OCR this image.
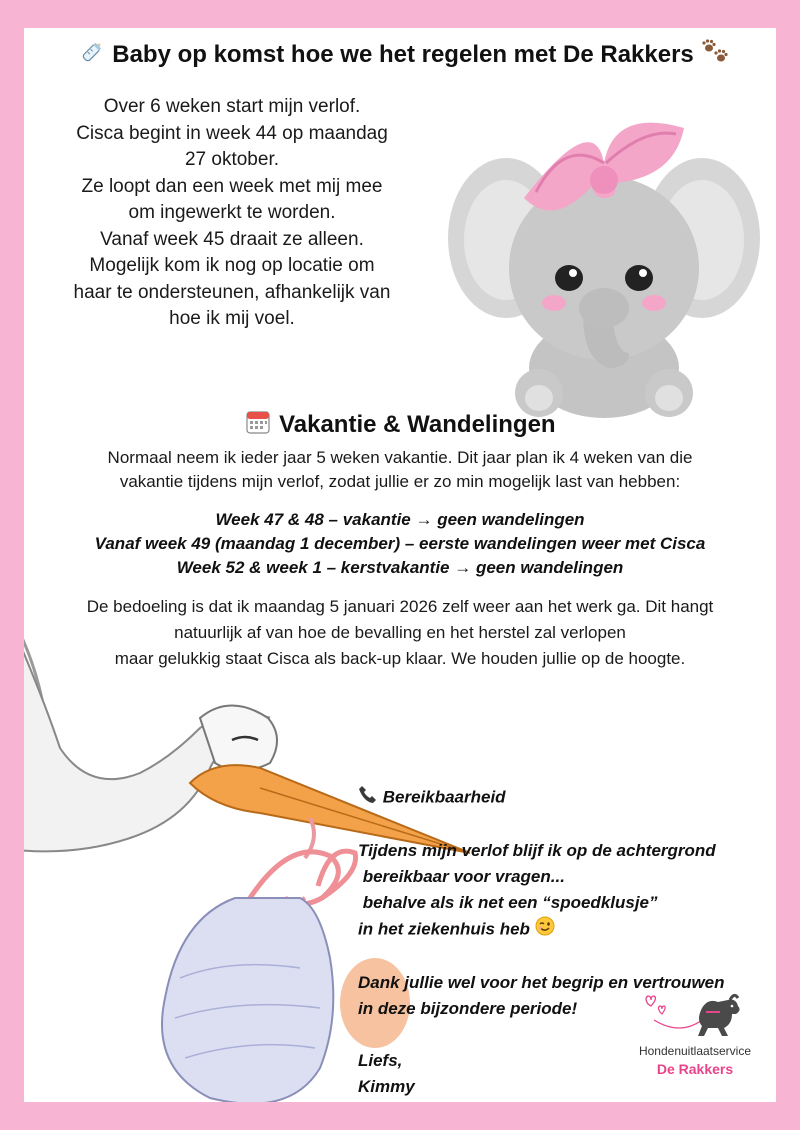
Baby op komst hoe we het regelen met De Rakkers
Over 6 weken start mijn verlof.
Cisca begint in week 44 op maandag
27 oktober.
Ze loopt dan een week met mij mee
om ingewerkt te worden.
Vanaf week 45 draait ze alleen.
Mogelijk kom ik nog op locatie om
haar te ondersteunen, afhankelijk van
hoe ik mij voel.
Vakantie & Wandelingen
Normaal neem ik ieder jaar 5 weken vakantie. Dit jaar plan ik 4 weken van die
vakantie tijdens mijn verlof, zodat jullie er zo min mogelijk last van hebben:
Week 47 & 48 – vakantie → geen wandelingen
Vanaf week 49 (maandag 1 december) – eerste wandelingen weer met Cisca
Week 52 & week 1 – kerstvakantie → geen wandelingen
De bedoeling is dat ik maandag 5 januari 2026 zelf weer aan het werk ga. Dit hangt
natuurlijk af van hoe de bevalling en het herstel zal verlopen
maar gelukkig staat Cisca als back-up klaar. We houden jullie op de hoogte.
Bereikbaarheid
Tijdens mijn verlof blijf ik op de achtergrond
bereikbaar voor vragen...
behalve als ik net een “spoedklusje”
in het ziekenhuis heb
Dank jullie wel voor het begrip en vertrouwen
in deze bijzondere periode!
Liefs,
Kimmy
Hondenuitlaatservice
De Rakkers
